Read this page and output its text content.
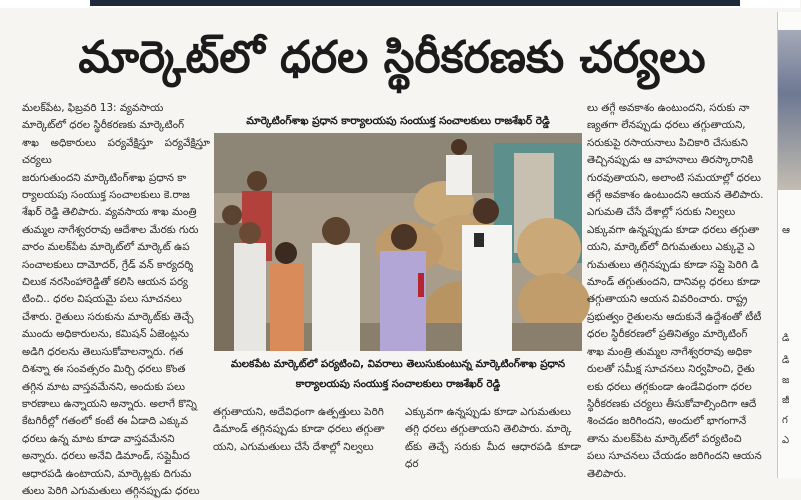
మార్కెట్‌లో ధరల స్థిరీకరణకు చర్యలు

మలక్‌పేట, ఫిబ్రవరి 13: వ్యవసాయ

మార్కెట్‌లో ధరల స్థిరీకరణకు మార్కెటింగ్

శాఖ అధికారులు పర్యవేక్షిస్తూ పర్యవేక్షిస్తూ చర్యలు

జరుగుతుందని మార్కెటింగ్‌శాఖ ప్రధాన కా

ర్యాలయపు సంయుక్త సంచాలకులు కె.రాజ

శేఖర్ రెడ్డి తెలిపారు. వ్యవసాయ శాఖ మంత్రి

తుమ్మల నాగేశ్వరరావు ఆదేశాల మేరకు గురు

వారం మలక్‌పేట మార్కెట్‌లో మార్కెట్ ఉప

సంచాలకులు దామోదర్, గ్రేడ్ వన్ కార్యదర్శి

చిలుక నరసింహారెడ్డితో కలిసి ఆయన పర్య

టించి.. ధరల విషయమై పలు సూచనలు

చేశారు. రైతులు సరుకును మార్కెట్‌కు తెచ్చే

ముందు అధికారులను, కమిషన్ ఏజెంట్లను

అడిగి ధరలను తెలుసుకోవాలన్నారు. గత

దిశన్నా ఈ సంవత్సరం మిర్చి ధరలు కొంత

తగ్గిన మాట వాస్తవమేనని, అందుకు పలు

కారణాలు ఉన్నాయని అన్నారు. అలాగే కొన్ని

కేటగిరీల్లో గతంలో కంటే ఈ ఏడాది ఎక్కువ

ధరలు ఉన్న మాట కూడా వాస్తవమేనని

అన్నారు. ధరలు అనేవి డిమాండ్, సప్లైమీద

ఆధారపడి ఉంటాయని, మార్కెట్లకు దిగుమ

తులు పెరిగి ఎగుమతులు తగ్గినప్పుడు ధరలు

మార్కెటింగ్‌శాఖ ప్రధాన కార్యాలయపు సంయుక్త సంచాలకులు రాజశేఖర్ రెడ్డి
మలకపేట మార్కెట్‌లో పర్యటించి, వివరాలు తెలుసుకుంటున్న మార్కెటింగ్‌శాఖ ప్రధాన
కార్యాలయపు సంయుక్త సంచాలకులు రాజశేఖర్ రెడ్డి

తగ్గుతాయని, అదేవిధంగా ఉత్పత్తులు పెరిగి

డిమాండ్ తగ్గినప్పుడు కూడా ధరలు తగ్గుతా

యని, ఎగుమతులు చేసే దేశాల్లో నిల్వలు

ఎక్కువగా ఉన్నప్పుడు కూడా ఎగుమతులు

తగ్గి ధరలు తగ్గుతాయని తెలిపారు. మార్కె

ట్‌కు తెచ్చే సరుకు మీద ఆధారపడి కూడా ధర

లు తగ్గే అవకాశం ఉంటుందని, సరుకు నా

ణ్యతగా లేనప్పుడు ధరలు తగ్గుతాయని,

సరుకుపై రసాయనాలు పిచికారి చేసుకుని

తెచ్చినప్పుడు ఆ వాహనాలు తిరస్కారానికి

గురవుతాయని, అలాంటి సమయాల్లో ధరలు

తగ్గే అవకాశం ఉంటుందని ఆయన తెలిపారు.

ఎగుమతి చేసే దేశాల్లో సరుకు నిల్వలు

ఎక్కువగా ఉన్నప్పుడు కూడా ధరలు తగ్గుతా

యని, మార్కెట్‌లో దిగుమతులు ఎక్కువై ఎ

గుమతులు తగ్గినప్పుడు కూడా సప్లై పెరిగి డి

మాండ్ తగ్గుతుందని, దానివల్ల ధరలు కూడా

తగ్గుతాయని ఆయన వివరించారు. రాష్ట్ర

ప్రభుత్వం రైతులను ఆదుకునే ఉద్దేశంతో టీటీ

ధరల స్థిరీకరణలో ప్రతినిత్యం మార్కెటింగ్

శాఖ మంత్రి తుమ్మల నాగేశ్వరరావు అధికా

రులతో సమీక్ష సూచనలు నిర్వహించి, రైతు

లకు ధరలు తగ్గకుండా ఉండేవిధంగా ధరల

స్థిరీకరణకు చర్యలు తీసుకోవాల్సిందిగా ఆదే

శించడం జరిగిందని, అందులో భాగంగానే

తాను మలక్‌పేట మార్కెట్‌లో పర్యటించి

పలు సూచనలు చేయడం జరిగిందని ఆయన

తెలిపారు.

ఆ
డి
డి
జ
జీ
గ
ఎ
